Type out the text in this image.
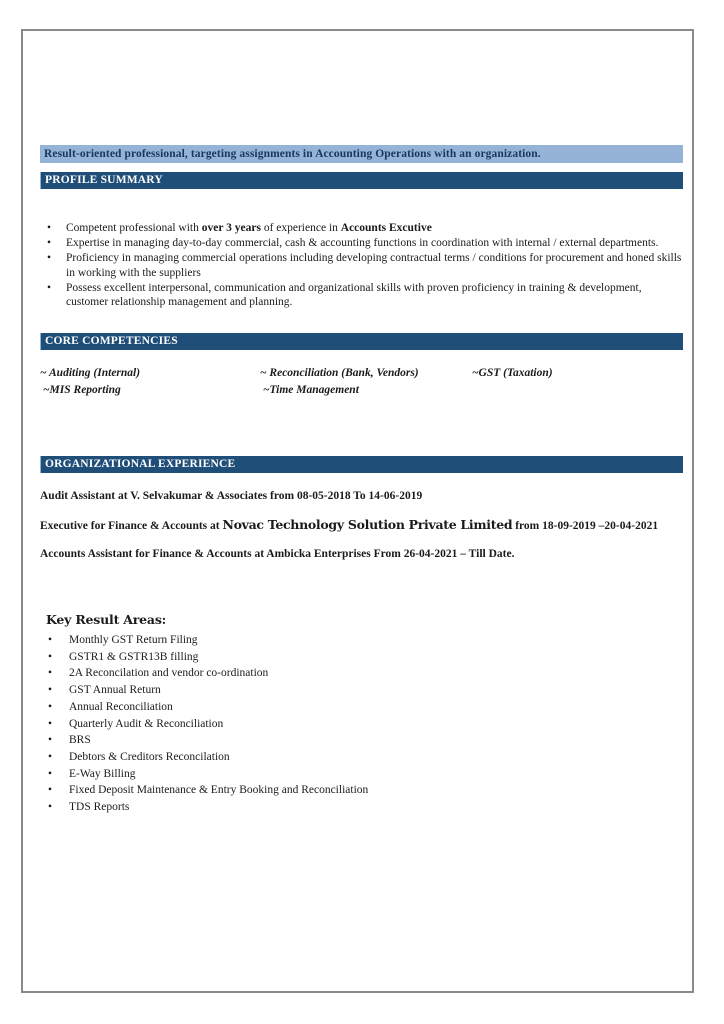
Result-oriented professional, targeting assignments in Accounting Operations with an organization.
PROFILE SUMMARY
• Competent professional with over 3 years of experience in Accounts Excutive
• Expertise in managing day-to-day commercial, cash & accounting functions in coordination with internal / external departments.
• Proficiency in managing commercial operations including developing contractual terms / conditions for procurement and honed skills in working with the suppliers
• Possess excellent interpersonal, communication and organizational skills with proven proficiency in training & development, customer relationship management and planning.
CORE COMPETENCIES
~ Auditing (Internal)	~ Reconciliation (Bank, Vendors)	~GST (Taxation)
~MIS Reporting	~Time Management
ORGANIZATIONAL EXPERIENCE

Audit Assistant at V. Selvakumar & Associates from 08-05-2018 To 14-06-2019

Executive for Finance & Accounts at Novac Technology Solution Private Limited from 18-09-2019 –20-04-2021

Accounts Assistant for Finance & Accounts at Ambicka Enterprises From 26-04-2021 – Till Date.

Key Result Areas:
• Monthly GST Return Filing
• GSTR1 & GSTR13B filling
• 2A Reconcilation and vendor co-ordination
• GST Annual Return
• Annual Reconciliation
• Quarterly Audit & Reconciliation
• BRS
• Debtors & Creditors Reconcilation
• E-Way Billing
• Fixed Deposit Maintenance & Entry Booking and Reconciliation
• TDS Reports
